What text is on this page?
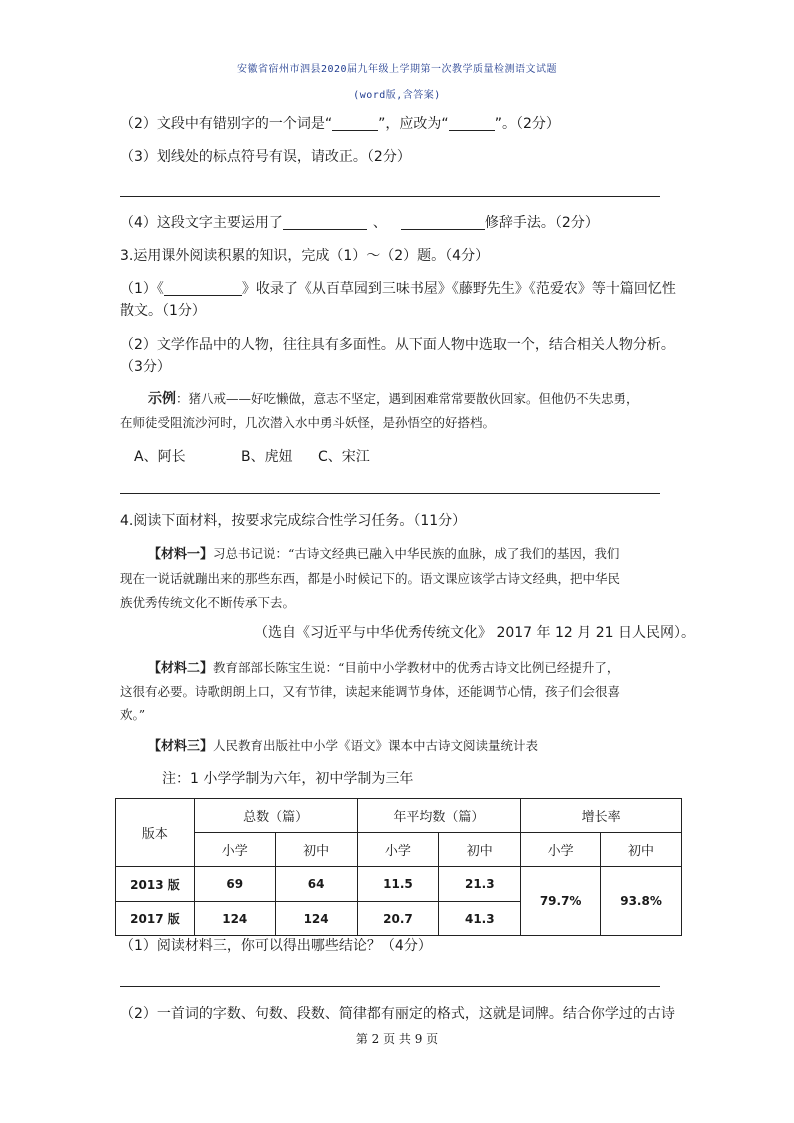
安徽省宿州市泗县2020届九年级上学期第一次教学质量检测语文试题
(word版,含答案)
（2）文段中有错别字的一个词是“	”，应改为“	”。（2分）
（3）划线处的标点符号有误，请改正。（2分）
（4）这段文字主要运用了	、	修辞手法。（2分）
3.运用课外阅读积累的知识，完成（1）～（2）题。（4分）
（1）《	》收录了《从百草园到三味书屋》《藤野先生》《范爱农》等十篇回忆性
散文。（1分）
（2）文学作品中的人物，往往具有多面性。从下面人物中选取一个，结合相关人物分析。
（3分）
示例：猪八戒——好吃懒做，意志不坚定，遇到困难常常要散伙回家。但他仍不失忠勇，
在师徒受阻流沙河时，几次潜入水中勇斗妖怪，是孙悟空的好搭档。
A、阿长	B、虎妞 C、宋江
4.阅读下面材料，按要求完成综合性学习任务。（11分）
【材料一】习总书记说：“古诗文经典已融入中华民族的血脉，成了我们的基因，我们
现在一说话就蹦出来的那些东西，都是小时候记下的。语文课应该学古诗文经典，把中华民
族优秀传统文化不断传承下去。
（选自《习近平与中华优秀传统文化》 2017 年 12 月 21 日人民网）。
【材料二】教育部部长陈宝生说：“目前中小学教材中的优秀古诗文比例已经提升了，
这很有必要。诗歌朗朗上口，又有节律，读起来能调节身体，还能调节心情，孩子们会很喜
欢。”
【材料三】人民教育出版社中小学《语文》课本中古诗文阅读量统计表
注：1 小学学制为六年，初中学制为三年
版本	总数（篇）		年平均数（篇）		增长率	
	小学	初中	小学	初中	小学	初中
2013 版	69	64	11.5	21.3	79.7%	93.8%
2017 版	124	124	20.7	41.3		
（1）阅读材料三，你可以得出哪些结论？（4分）
（2）一首词的字数、句数、段数、简律都有丽定的格式，这就是词牌。结合你学过的古诗
第 2 页 共 9 页
